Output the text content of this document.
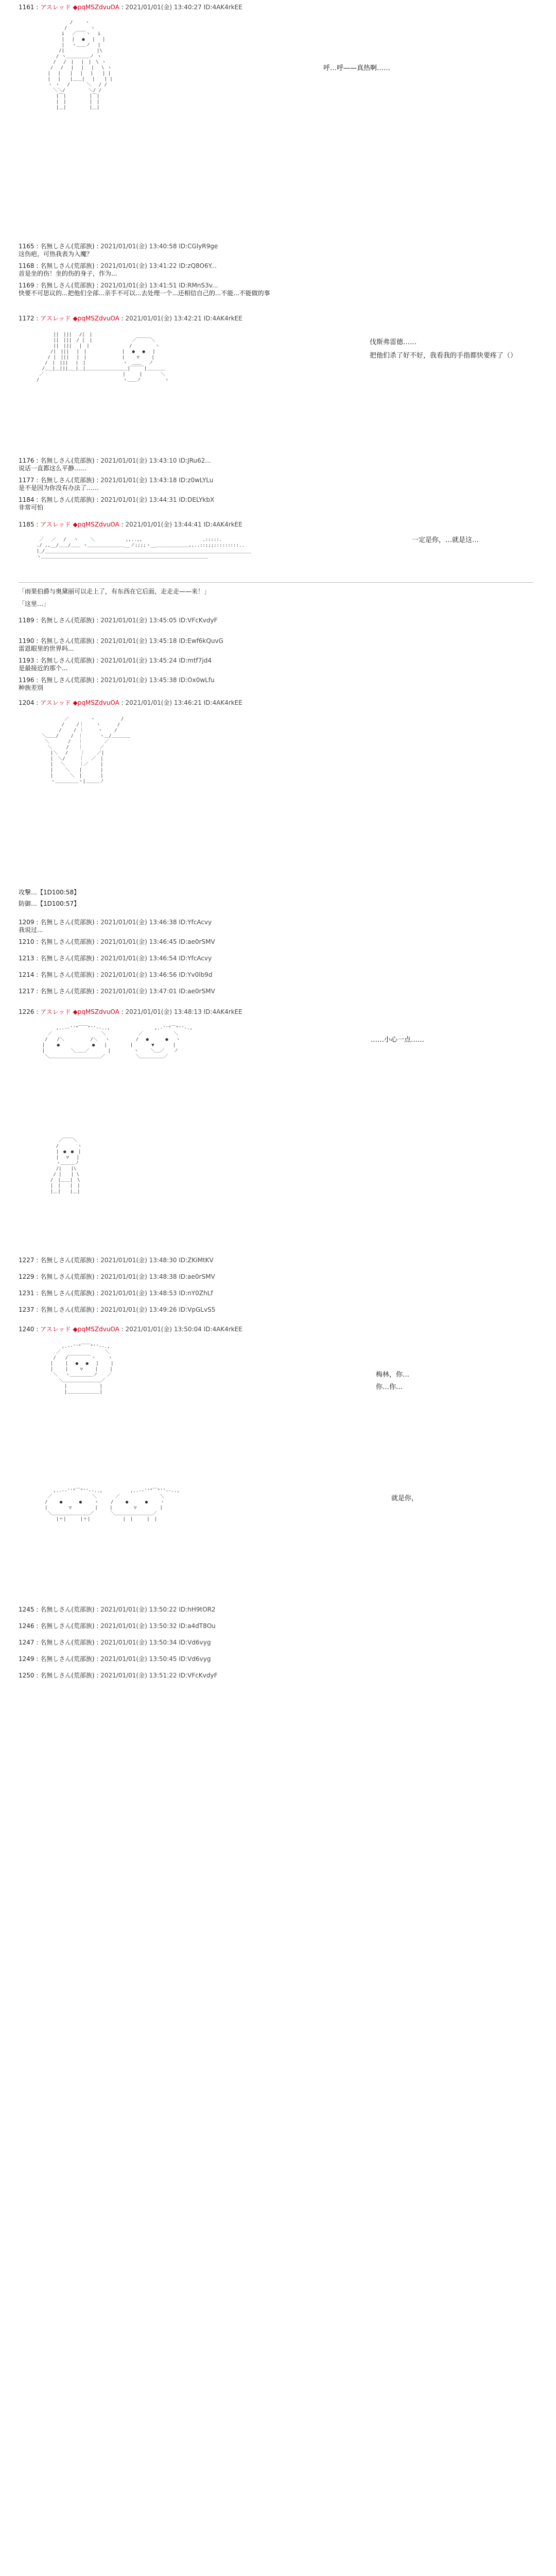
1161 : アスレッド ◆pqMSZdvuOA : 2021/01/01(金) 13:40:27 ID:4AK4rkEE
/　　 ヽ
/　　　　　ヽ
i　 ／￣￣ヽ　 i
|　 |　 ●　 |　 |
|　 ヽ＿＿ノ　 |
/|　　　　　　　|\
/ ヽ＿＿＿＿＿ノ ヽ
/　 /　|　 |　|　\ ヽ
/　 /　 |　 |　 |　 \ ヽ
|　 |　　|　 |　 |　　| |
|　 |　　|＿＿|　 |　　| |
ヽ ヽ　 /　　　 ＼　 / /
＼＼/　　　　　＼/ /
|￣|　　　　　|￣|
|　|　　　　　|　|
|＿|　　　　　|＿|

呼…呼——真热啊……
1165 : 名無しさん(荒部族) : 2021/01/01(金) 13:40:58 ID:CGlyR9ge
这伤疤，可热我表为入魔？
1168 : 名無しさん(荒部族) : 2021/01/01(金) 13:41:22 ID:zQ8O6Y...
首是坐的伤！坐的伤的身子，作为...
1169 : 名無しさん(荒部族) : 2021/01/01(金) 13:41:51 ID:RMnS3v...
快要不可思议的...把他们全部...亲手不可以...去处理一个...还相信自己的...不能...不能做的事
1172 : アスレッド ◆pqMSZdvuOA : 2021/01/01(金) 13:42:21 ID:4AK4rkEE
||　|||　 /|　|
||　|||　/ |　|　　　　　　　　 ／￣￣￣＼
||　|||　 |　|　　　　　　　　 /　　　　　ヽ
/|　|||　 |　|　　　　　　　 |　 ●　 ●　 |
/ |　|||　 |　|　　　　　　　 |　　 ▽　　 |
/　|　|||　 |　|　　　　　　　　ヽ　＿＿　 ノ
/＿_|＿|||＿_|＿|＿＿＿＿＿＿＿＿＿|￣￣￣|＿＿＿＿
／　　　　　　　　　　　　　　　　　|　　　|　　　　＼
/　　　　　　　　　　　　　　　　　　ヽ＿＿ノ　　　　　ヽ

伐斯弗雷德……
把他们杀了好不好，我看我的手指都快要疼了（）
1176 : 名無しさん(荒部族) : 2021/01/01(金) 13:43:10 ID:JRu62...
说话一直都这么平静……
1177 : 名無しさん(荒部族) : 2021/01/01(金) 13:43:18 ID:z0wLYLu
是不是因为你没有办法了……
1184 : 名無しさん(荒部族) : 2021/01/01(金) 13:44:31 ID:DELYkbX
非常可怕
1185 : アスレッド ◆pqMSZdvuOA : 2021/01/01(金) 13:44:41 ID:4AK4rkEE
／　 ／　 /　 ヽ　　 ＼　　　　　　 ,,..,,　　　　　　　　　　　　　.:::::.
./ ,,__/＿＿/＿＿ ヽ＿＿＿＿＿＿＿＿__ノ;;;;ヽ__＿＿＿＿＿＿＿,,..::;;;:::::::::..
|_/__________________________________________________________________________
ヽ＿＿＿＿＿＿＿＿＿＿＿＿＿＿＿＿＿＿＿＿＿＿＿＿＿＿＿＿＿＿＿＿＿＿＿＿

一定是你，…就是这…
「雨果伯爵与奥黛丽可以走上了，有东西在它后面，走走走——来！」
「这里…」
1189 : 名無しさん(荒部族) : 2021/01/01(金) 13:45:05 ID:VFcKvdyF
1190 : 名無しさん(荒部族) : 2021/01/01(金) 13:45:18 ID:Ewf6kQuvG
雷恩眼里的世界吗...
1193 : 名無しさん(荒部族) : 2021/01/01(金) 13:45:24 ID:mtf7jd4
是最接近的那个...
1196 : 名無しさん(荒部族) : 2021/01/01(金) 13:45:38 ID:Ox0wLfu
种族差別
1204 : アスレッド ◆pqMSZdvuOA : 2021/01/01(金) 13:46:21 ID:4AK4rkEE
／　　　　 ヽ　　　　　 /
/　　 /｜　　 ヽ　　　 /
/　　 / ｜　　　ヽ　　 /
＼＿＿/　　 /　｜　　　 ヽ＿/＿＿＿＿
＼　　　　/　 ｜　　　　 ／
＼　　　/　　｜　　　 ／
|＼　 /　　 ｜　　 ／|
|　＼/　　　｜　 ／　|
|　 ＼　　　｜／　　 |
|　　 ＼　　|　　　　|
|　　　 ＼　|　　　　|
ヽ＿＿＿＿＿ヽ|＿＿＿ノ

攻撃…【1D100:58】
防御…【1D100:57】
1209 : 名無しさん(荒部族) : 2021/01/01(金) 13:46:38 ID:YfcAcvy
我说过...
1210 : 名無しさん(荒部族) : 2021/01/01(金) 13:46:45 ID:ae0rSMV
1213 : 名無しさん(荒部族) : 2021/01/01(金) 13:46:54 ID:YfcAcvy
1214 : 名無しさん(荒部族) : 2021/01/01(金) 13:46:56 ID:Yv0lb9d
1217 : 名無しさん(荒部族) : 2021/01/01(金) 13:47:01 ID:ae0rSMV
1226 : アスレッド ◆pqMSZdvuOA : 2021/01/01(金) 13:48:13 ID:4AK4rkEE
,..-‐''"￣￣"''‐-..,　　　　　　　　　 ,.-''"￣"''-.,
／　　　　　　　　　　 ＼　　　　　　　／　　　　　　 ＼
/　　/＼　　　　　 /＼　 ヽ　　　　　 /　 ●　　　 ●　 ヽ
|　　 ●　　　　　　　●　　|　　　　　|　　　　▼　　　　|
|　　　　　 ＼＿＿／　　　　|　　　　　ヽ　　 ＼＿／　　ノ
＼＿＿＿＿＿＿＿＿＿＿＿／　　　　　　 ＼＿＿＿＿＿／

……小心一点……
／￣￣＼
/　　　　ヽ
|　●　●　|
|　 ▽　 |
ヽ＿＿＿ノ
/|　　|\
/ |　　| \
/　|＿＿|　\
|　|　　|　|
|＿|　　|＿|

1227 : 名無しさん(荒部族) : 2021/01/01(金) 13:48:30 ID:ZKiMtKV
1229 : 名無しさん(荒部族) : 2021/01/01(金) 13:48:38 ID:ae0rSMV
1231 : 名無しさん(荒部族) : 2021/01/01(金) 13:48:53 ID:nY0ZhLf
1237 : 名無しさん(荒部族) : 2021/01/01(金) 13:49:26 ID:VpGLvS5
1240 : アスレッド ◆pqMSZdvuOA : 2021/01/01(金) 13:50:04 ID:4AK4rkEE
,.-‐''"￣￣"''‐-.,
／　　　　　　　　　 ＼
/　　/￣￣￣￣￣ヽ　　 ヽ
|　　 |　 ●　 ●　 |　　 |
|　　 |　　 ▽　　 |　　 |
＼　 ヽ＿＿＿＿＿ノ　　／
＼＿＿＿＿＿＿＿＿／
|　　　　　　　|
|＿＿＿＿＿＿＿|

梅林，你…
你…你…
,..-‐''"￣"''‐-..,　　　　　　,..-‐''"￣"''‐-..,
／　　　　　　　　 ＼　　　　／　　　　　　　　 ＼
/　　 ●　　　 ●　　 ヽ　　 /　　 ●　　　 ●　　 ヽ
|　　　　 ▽　　　　　|　　 |　　　　 ▽　　　　　|
＼＿＿＿＿＿＿＿＿／　　　 ＼＿＿＿＿＿＿＿＿／
|＋|　　　|＋|　　　　　　　|　|　　　|　|

就是你，
1245 : 名無しさん(荒部族) : 2021/01/01(金) 13:50:22 ID:hH9tOR2
1246 : 名無しさん(荒部族) : 2021/01/01(金) 13:50:32 ID:a4dT8Ou
1247 : 名無しさん(荒部族) : 2021/01/01(金) 13:50:34 ID:Vd6vyg
1249 : 名無しさん(荒部族) : 2021/01/01(金) 13:50:45 ID:Vd6vyg
1250 : 名無しさん(荒部族) : 2021/01/01(金) 13:51:22 ID:VFcKvdyF
